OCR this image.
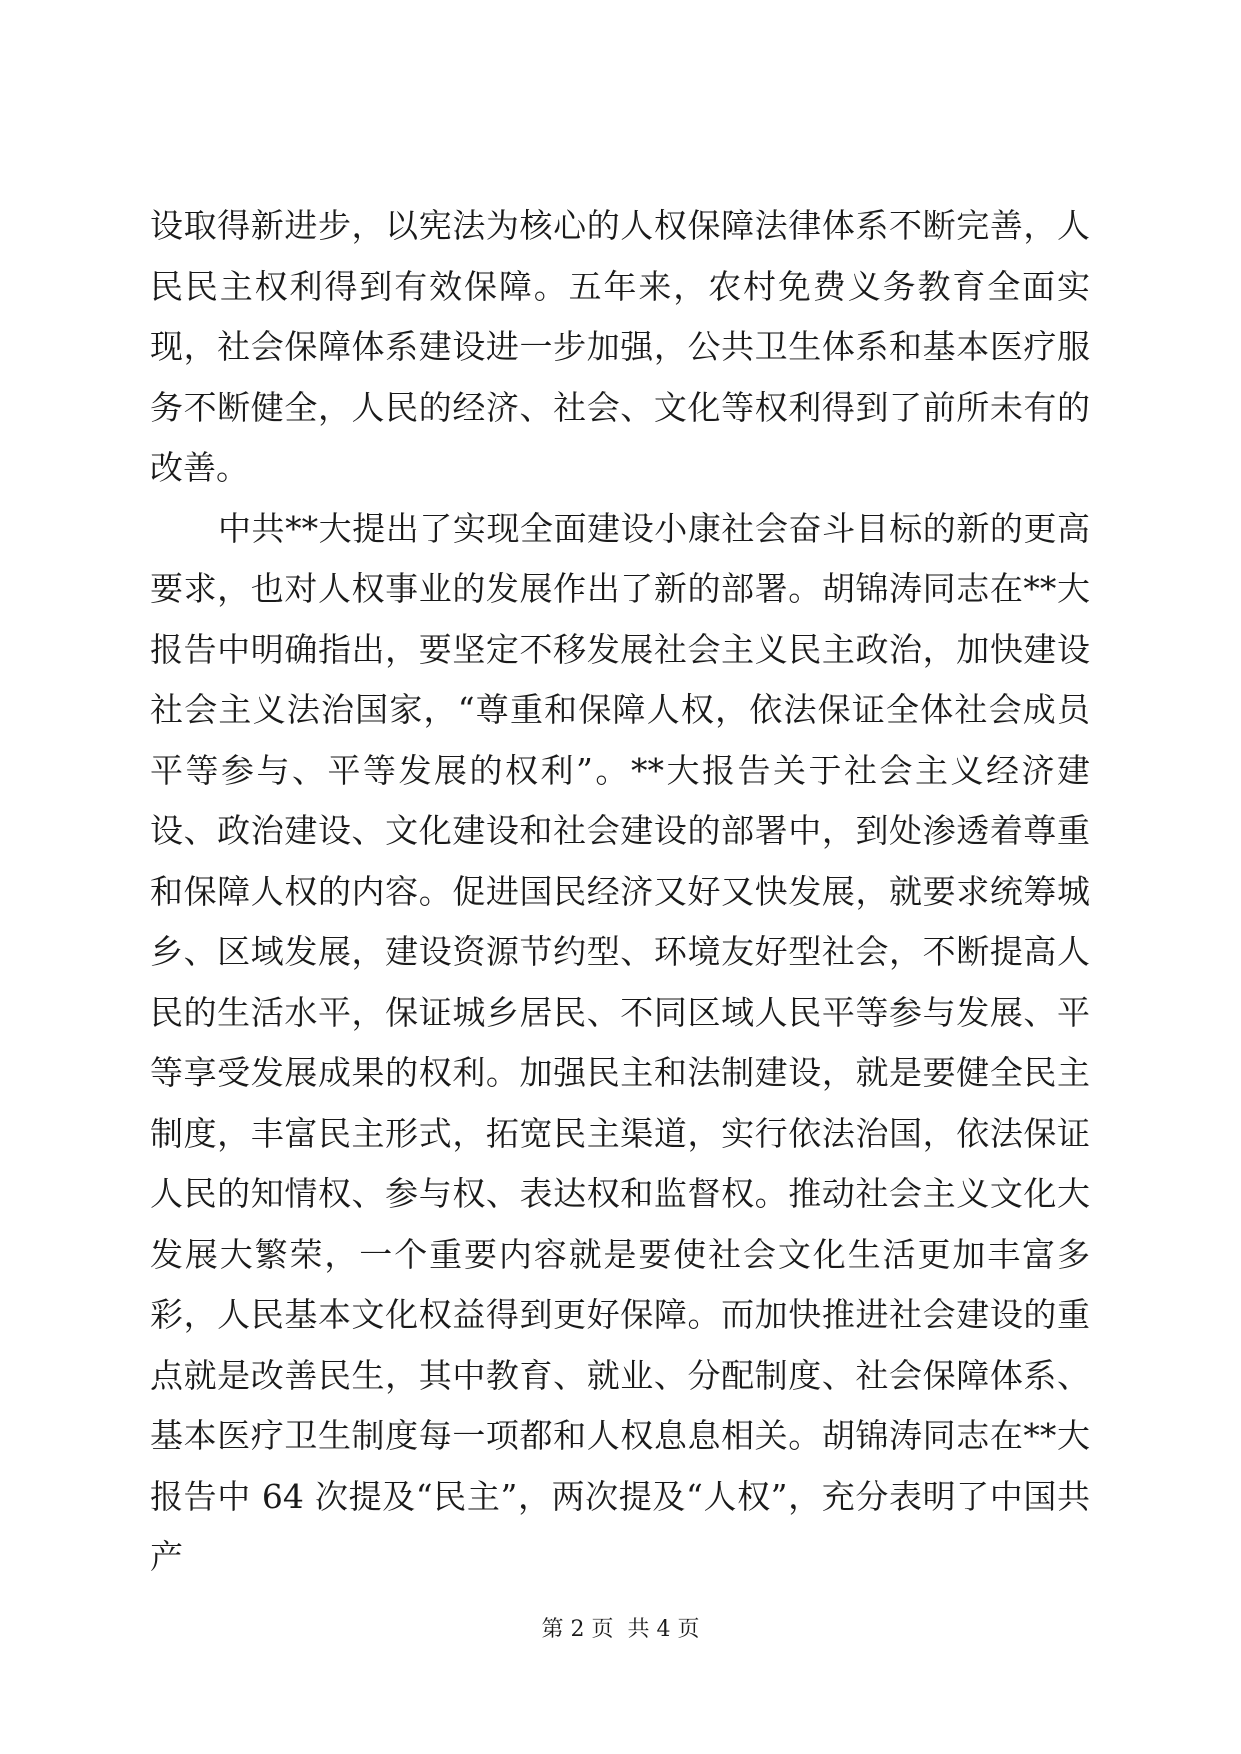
设取得新进步，以宪法为核心的人权保障法律体系不断完善，人民民主权利得到有效保障。五年来，农村免费义务教育全面实现，社会保障体系建设进一步加强，公共卫生体系和基本医疗服务不断健全，人民的经济、社会、文化等权利得到了前所未有的改善。

中共**大提出了实现全面建设小康社会奋斗目标的新的更高要求，也对人权事业的发展作出了新的部署。胡锦涛同志在**大报告中明确指出，要坚定不移发展社会主义民主政治，加快建设社会主义法治国家，“尊重和保障人权，依法保证全体社会成员平等参与、平等发展的权利”。**大报告关于社会主义经济建设、政治建设、文化建设和社会建设的部署中，到处渗透着尊重和保障人权的内容。促进国民经济又好又快发展，就要求统筹城乡、区域发展，建设资源节约型、环境友好型社会，不断提高人民的生活水平，保证城乡居民、不同区域人民平等参与发展、平等享受发展成果的权利。加强民主和法制建设，就是要健全民主制度，丰富民主形式，拓宽民主渠道，实行依法治国，依法保证人民的知情权、参与权、表达权和监督权。推动社会主义文化大发展大繁荣，一个重要内容就是要使社会文化生活更加丰富多彩，人民基本文化权益得到更好保障。而加快推进社会建设的重点就是改善民生，其中教育、就业、分配制度、社会保障体系、基本医疗卫生制度每一项都和人权息息相关。胡锦涛同志在**大报告中 64 次提及“民主”，两次提及“人权”，充分表明了中国共产

第 2 页  共 4 页
